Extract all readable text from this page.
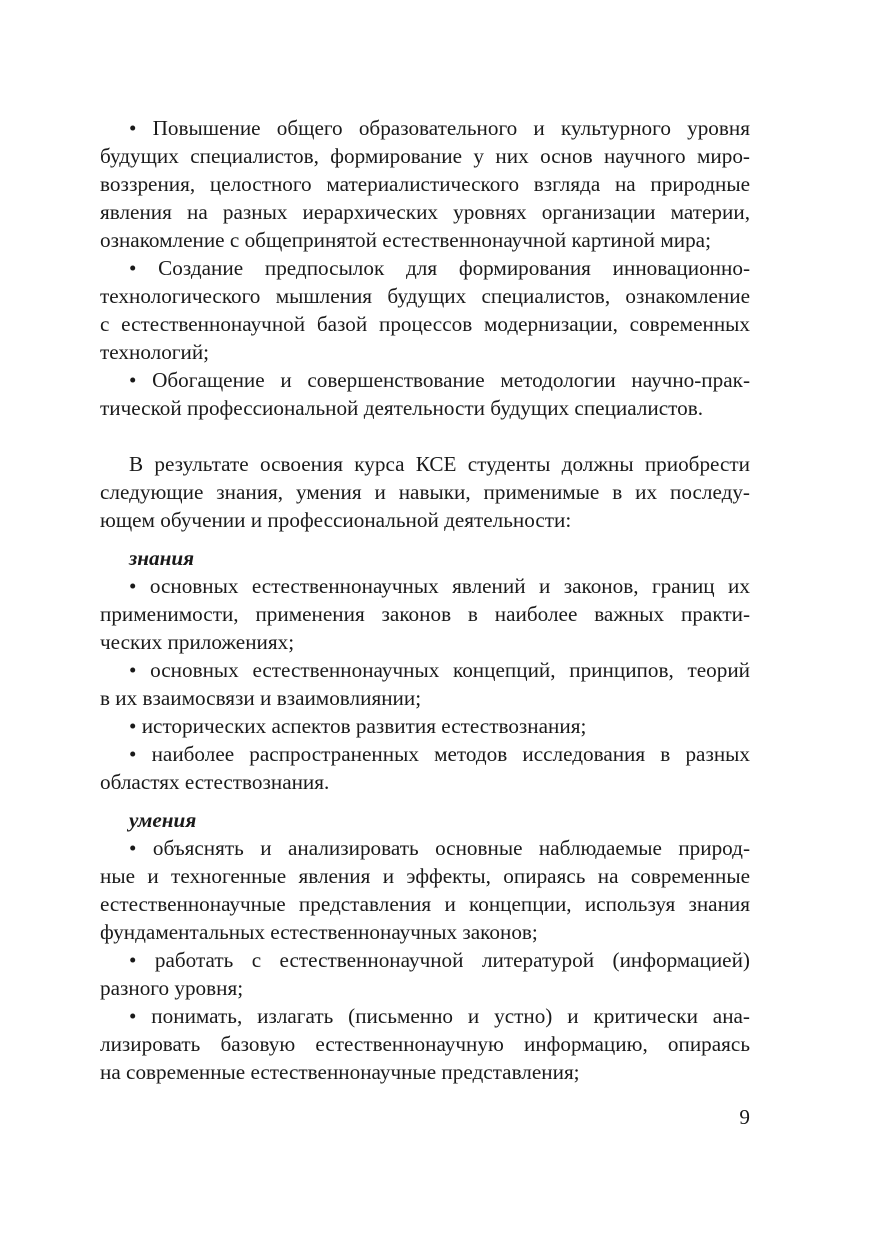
• Повышение общего образовательного и культурного уровня
будущих специалистов, формирование у них основ научного миро-
воззрения, целостного материалистического взгляда на природные
явления на разных иерархических уровнях организации материи,
ознакомление с общепринятой естественнонаучной картиной мира;
• Создание предпосылок для формирования инновационно-
технологического мышления будущих специалистов, ознакомление
с естественнонаучной базой процессов модернизации, современных
технологий;
• Обогащение и совершенствование методологии научно-прак-
тической профессиональной деятельности будущих специалистов.
В результате освоения курса КСЕ студенты должны приобрести
следующие знания, умения и навыки, применимые в их последу-
ющем обучении и профессиональной деятельности:
знания
• основных естественнонаучных явлений и законов, границ их
применимости, применения законов в наиболее важных практи-
ческих приложениях;
• основных естественнонаучных концепций, принципов, теорий
в их взаимосвязи и взаимовлиянии;
• исторических аспектов развития естествознания;
• наиболее распространенных методов исследования в разных
областях естествознания.
умения
• объяснять и анализировать основные наблюдаемые природ-
ные и техногенные явления и эффекты, опираясь на современные
естественнонаучные представления и концепции, используя знания
фундаментальных естественнонаучных законов;
• работать с естественнонаучной литературой (информацией)
разного уровня;
• понимать, излагать (письменно и устно) и критически ана-
лизировать базовую естественнонаучную информацию, опираясь
на современные естественнонаучные представления;
9
